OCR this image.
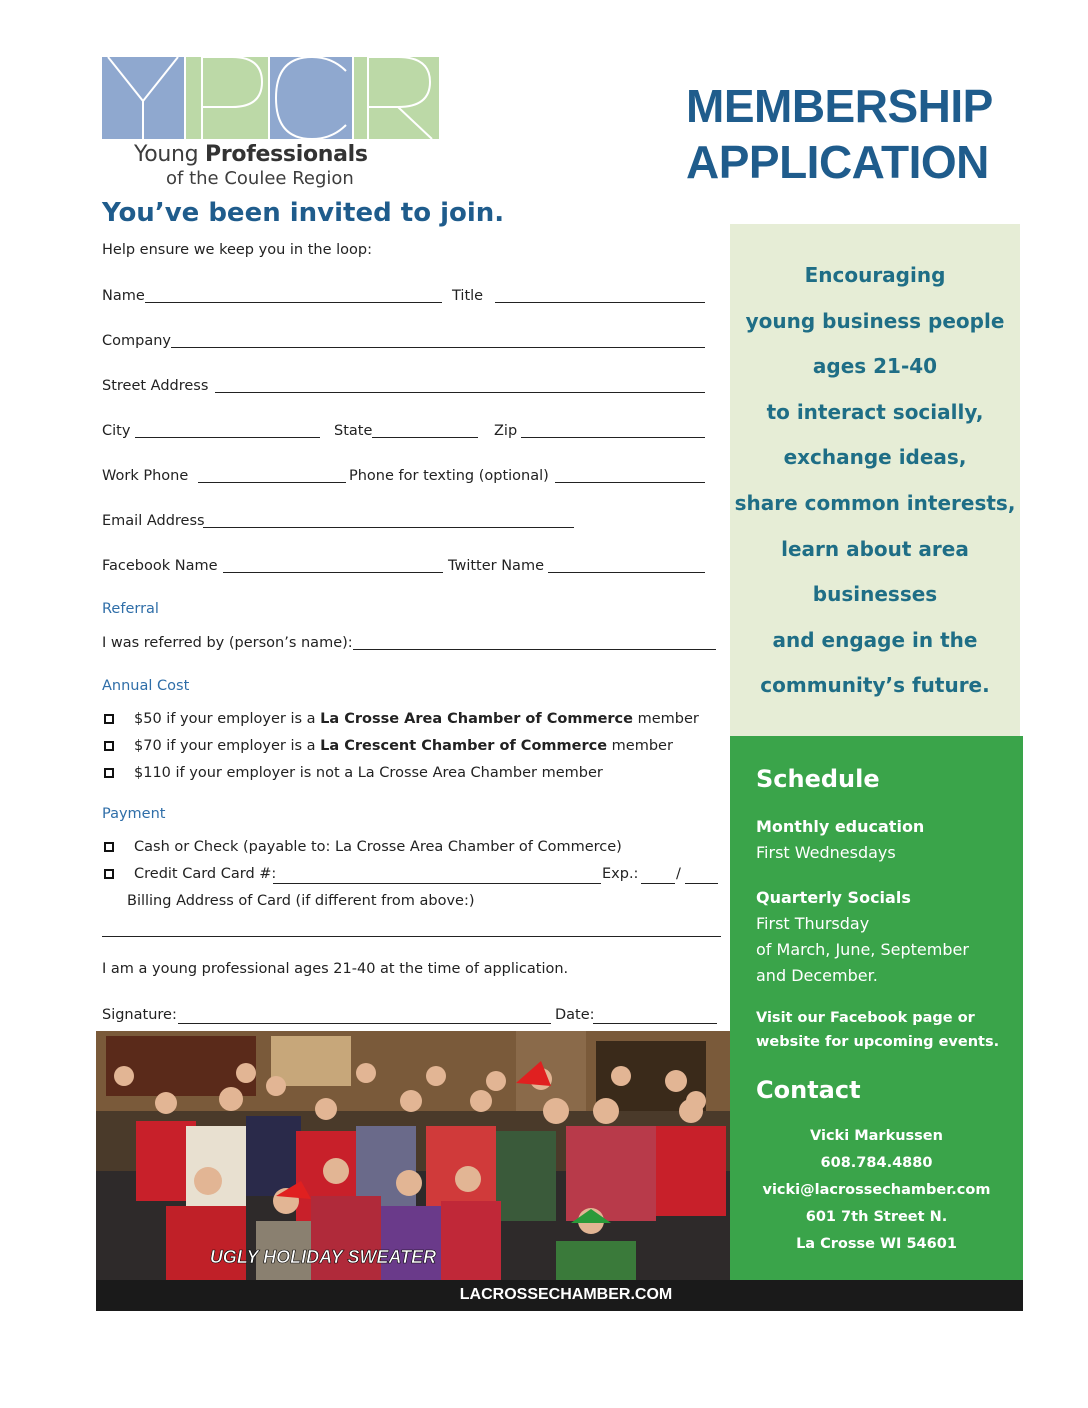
Young Professionals
of the Coulee Region
MEMBERSHIP
APPLICATION
You’ve been invited to join.
Help ensure we keep you in the loop:
Name	Title
Company
Street Address
City	State	Zip
Work Phone	Phone for texting (optional)
Email Address
Facebook Name	Twitter Name
Referral
I was referred by (person’s name):
Annual Cost
$50 if your employer is a La Crosse Area Chamber of Commerce member
$70 if your employer is a La Crescent Chamber of Commerce member
$110 if your employer is not a La Crosse Area Chamber member
Payment
Cash or Check (payable to: La Crosse Area Chamber of Commerce)
Credit Card Card #:	Exp.:	/
Billing Address of Card (if different from above:)
I am a young professional ages 21-40 at the time of application.
Signature:	Date:
Encouraging
young business people
ages 21-40
to interact socially,
exchange ideas,
share common interests,
learn about area
businesses
and engage in the
community’s future.
Schedule
Monthly education
First Wednesdays
Quarterly Socials
First Thursday
of March, June, September
and December.
Visit our Facebook page or
website for upcoming events.
Contact
Vicki Markussen
608.784.4880
vicki@lacrossechamber.com
601 7th Street N.
La Crosse WI 54601
UGLY HOLIDAY SWEATER
LACROSSECHAMBER.COM
